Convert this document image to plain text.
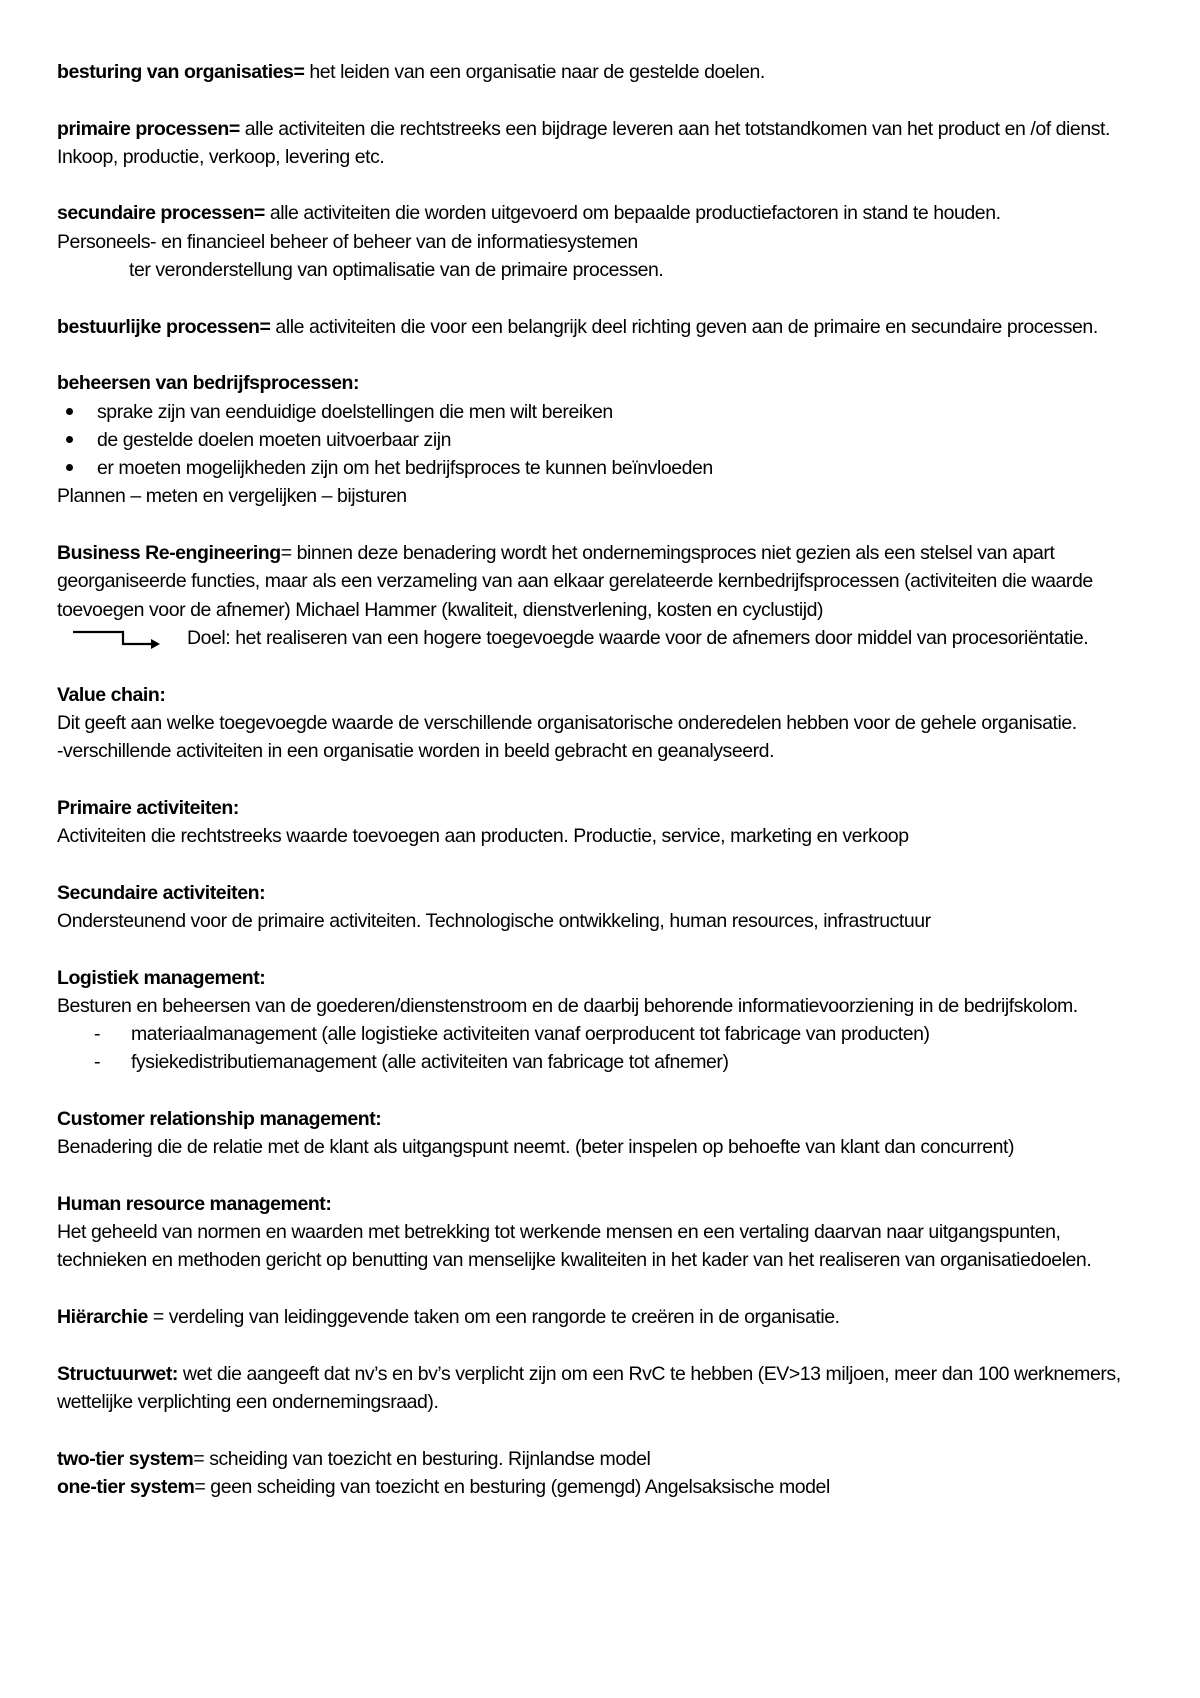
besturing van organisaties= het leiden van een organisatie naar de gestelde doelen.

primaire processen= alle activiteiten die rechtstreeks een bijdrage leveren aan het totstandkomen van het product en /of dienst. Inkoop, productie, verkoop, levering etc.

secundaire processen= alle activiteiten die worden uitgevoerd om bepaalde productiefactoren in stand te houden.

Personeels- en financieel beheer of beheer van de informatiesystemen

ter veronderstellung van optimalisatie van de primaire processen.

bestuurlijke processen= alle activiteiten die voor een belangrijk deel richting geven aan de primaire en secundaire processen.

beheersen van bedrijfsprocessen:

sprake zijn van eenduidige doelstellingen die men wilt bereiken
de gestelde doelen moeten uitvoerbaar zijn
er moeten mogelijkheden zijn om het bedrijfsproces te kunnen beïnvloeden

Plannen – meten en vergelijken – bijsturen

Business Re-engineering= binnen deze benadering wordt het ondernemingsproces niet gezien als een stelsel van apart georganiseerde functies, maar als een verzameling van aan elkaar gerelateerde kernbedrijfsprocessen (activiteiten die waarde toevoegen voor de afnemer) Michael Hammer (kwaliteit, dienstverlening, kosten en cyclustijd)

Doel: het realiseren van een hogere toegevoegde waarde voor de afnemers door middel van procesoriëntatie.

Value chain:

Dit geeft aan welke toegevoegde waarde de verschillende organisatorische onderedelen hebben voor de gehele organisatie.

-verschillende activiteiten in een organisatie worden in beeld gebracht en geanalyseerd.

Primaire activiteiten:

Activiteiten die rechtstreeks waarde toevoegen aan producten. Productie, service, marketing en verkoop

Secundaire activiteiten:

Ondersteunend voor de primaire activiteiten. Technologische ontwikkeling, human resources, infrastructuur

Logistiek management:

Besturen en beheersen van de goederen/dienstenstroom en de daarbij behorende informatievoorziening in de bedrijfskolom.

- materiaalmanagement (alle logistieke activiteiten vanaf oerproducent tot fabricage van producten)
- fysiekedistributiemanagement (alle activiteiten van fabricage tot afnemer)

Customer relationship management:

Benadering die de relatie met de klant als uitgangspunt neemt. (beter inspelen op behoefte van klant dan concurrent)

Human resource management:

Het geheeld van normen en waarden met betrekking tot werkende mensen en een vertaling daarvan naar uitgangspunten, technieken en methoden gericht op benutting van menselijke kwaliteiten in het kader van het realiseren van organisatiedoelen.

Hiërarchie = verdeling van leidinggevende taken om een rangorde te creëren in de organisatie.

Structuurwet: wet die aangeeft dat nv’s en bv’s verplicht zijn om een RvC te hebben (EV>13 miljoen, meer dan 100 werknemers, wettelijke verplichting een ondernemingsraad).

two-tier system= scheiding van toezicht en besturing. Rijnlandse model

one-tier system= geen scheiding van toezicht en besturing (gemengd) Angelsaksische model
